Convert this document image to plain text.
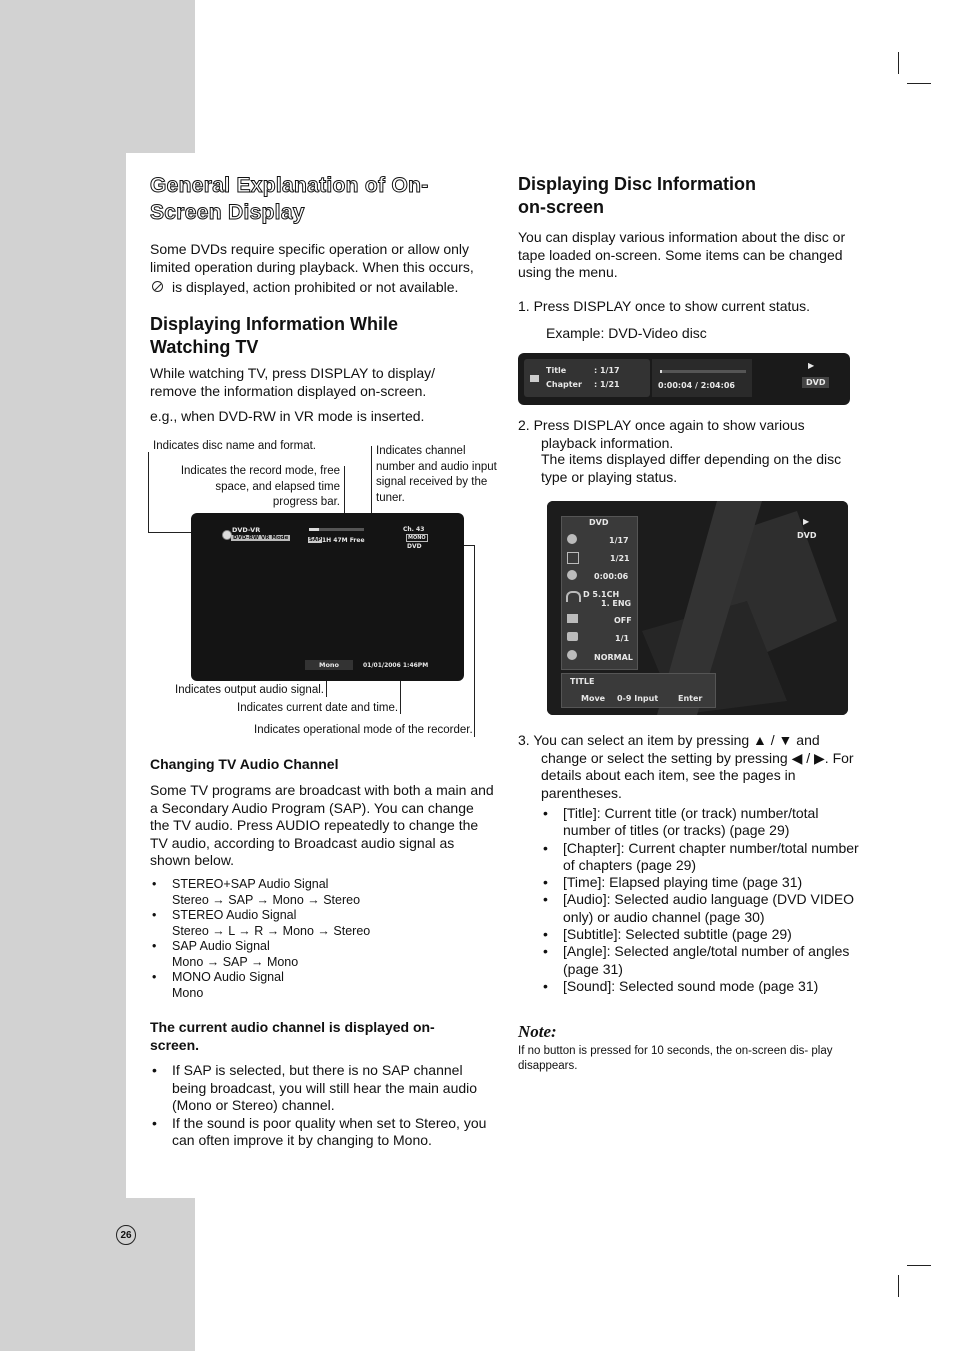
General Explanation of On-Screen Display

Some DVDs require specific operation or allow only limited operation during playback. When this occurs,

is displayed, action prohibited or not available.

Displaying Information While Watching TV

While watching TV, press DISPLAY to display/ remove the information displayed on-screen.

e.g., when DVD-RW in VR mode is inserted.

Indicates disc name and format.
Indicates the record mode, free space, and elapsed time progress bar.
Indicates channel number and audio input signal received by the tuner.
Indicates output audio signal.
Indicates current date and time.
Indicates operational mode of the recorder.
DVD-VR
DVD-RW VR Mode	SAP 1H 47M Free
Ch. 43
MONO
DVD
Mono	01/01/2006 1:46PM
Changing TV Audio Channel

Some TV programs are broadcast with both a main and a Secondary Audio Program (SAP). You can change the TV audio. Press AUDIO repeatedly to change the TV audio, according to Broadcast audio signal as shown below.

• STEREO+SAP Audio Signal
Stereo → SAP → Mono → Stereo
• STEREO Audio Signal
Stereo → L → R → Mono → Stereo
• SAP Audio Signal
Mono → SAP → Mono
• MONO Audio Signal
Mono
The current audio channel is displayed on-screen.
• If SAP is selected, but there is no SAP channel being broadcast, you will still hear the main audio (Mono or Stereo) channel.
• If the sound is poor quality when set to Stereo, you can often improve it by changing to Mono.
26
Displaying Disc Information on-screen

You can display various information about the disc or tape loaded on-screen. Some items can be changed using the menu.

1. Press DISPLAY once to show current status.

Example: DVD-Video disc

Title	: 1/17
Chapter : 1/21	0:00:04 / 2:04:06
▶
DVD

2. Press DISPLAY once again to show various playback information.

The items displayed differ depending on the disc type or playing status.

DVD
1/17
1/21
0:00:06
D 5.1CH
1. ENG
OFF
1/1
NORMAL
TITLE
Move 0-9 Input Enter
▶
DVD

3. You can select an item by pressing ▲ / ▼ and change or select the setting by pressing ◀ / ▶. For details about each item, see the pages in parentheses.

• [Title]: Current title (or track) number/total number of titles (or tracks) (page 29)
• [Chapter]: Current chapter number/total number of chapters (page 29)
• [Time]: Elapsed playing time (page 31)
• [Audio]: Selected audio language (DVD VIDEO only) or audio channel (page 30)
• [Subtitle]: Selected subtitle (page 29)
• [Angle]: Selected angle/total number of angles (page 31)
• [Sound]: Selected sound mode (page 31)
Note:
If no button is pressed for 10 seconds, the on-screen dis- play disappears.
